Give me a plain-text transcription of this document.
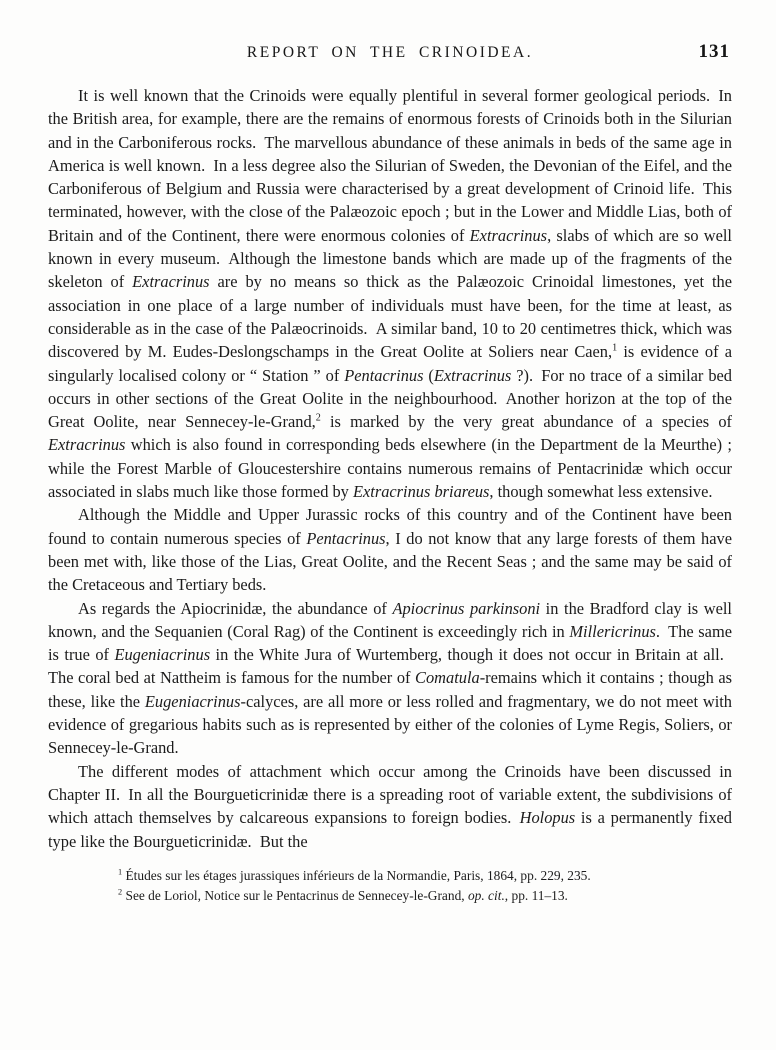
REPORT ON THE CRINOIDEA.	131

It is well known that the Crinoids were equally plentiful in several former geological periods. In the British area, for example, there are the remains of enormous forests of Crinoids both in the Silurian and in the Carboniferous rocks. The marvellous abundance of these animals in beds of the same age in America is well known. In a less degree also the Silurian of Sweden, the Devonian of the Eifel, and the Carboniferous of Belgium and Russia were characterised by a great development of Crinoid life. This terminated, however, with the close of the Palæozoic epoch ; but in the Lower and Middle Lias, both of Britain and of the Continent, there were enormous colonies of Extracrinus, slabs of which are so well known in every museum. Although the limestone bands which are made up of the fragments of the skeleton of Extracrinus are by no means so thick as the Palæozoic Crinoidal limestones, yet the association in one place of a large number of individuals must have been, for the time at least, as considerable as in the case of the Palæocrinoids. A similar band, 10 to 20 centimetres thick, which was discovered by M. Eudes-Deslongschamps in the Great Oolite at Soliers near Caen,$^1$ is evidence of a singularly localised colony or “ Station ” of Pentacrinus (Extracrinus ?). For no trace of a similar bed occurs in other sections of the Great Oolite in the neighbourhood. Another horizon at the top of the Great Oolite, near Sennecey-le-Grand,$^2$ is marked by the very great abundance of a species of Extracrinus which is also found in corresponding beds elsewhere (in the Department de la Meurthe) ; while the Forest Marble of Gloucestershire contains numerous remains of Pentacrinidæ which occur associated in slabs much like those formed by Extracrinus briareus, though somewhat less extensive.

Although the Middle and Upper Jurassic rocks of this country and of the Continent have been found to contain numerous species of Pentacrinus, I do not know that any large forests of them have been met with, like those of the Lias, Great Oolite, and the Recent Seas ; and the same may be said of the Cretaceous and Tertiary beds.

As regards the Apiocrinidæ, the abundance of Apiocrinus parkinsoni in the Bradford clay is well known, and the Sequanien (Coral Rag) of the Continent is exceedingly rich in Millericrinus. The same is true of Eugeniacrinus in the White Jura of Wurtemberg, though it does not occur in Britain at all. The coral bed at Nattheim is famous for the number of Comatula-remains which it contains ; though as these, like the Eugeniacrinus-calyces, are all more or less rolled and fragmentary, we do not meet with evidence of gregarious habits such as is represented by either of the colonies of Lyme Regis, Soliers, or Sennecey-le-Grand.

The different modes of attachment which occur among the Crinoids have been discussed in Chapter II. In all the Bourgueticrinidæ there is a spreading root of variable extent, the subdivisions of which attach themselves by calcareous expansions to foreign bodies. Holopus is a permanently fixed type like the Bourgueticrinidæ. But the

$^1$ Études sur les étages jurassiques inférieurs de la Normandie, Paris, 1864, pp. 229, 235.

$^2$ See de Loriol, Notice sur le Pentacrinus de Sennecey-le-Grand, op. cit., pp. 11–13.
